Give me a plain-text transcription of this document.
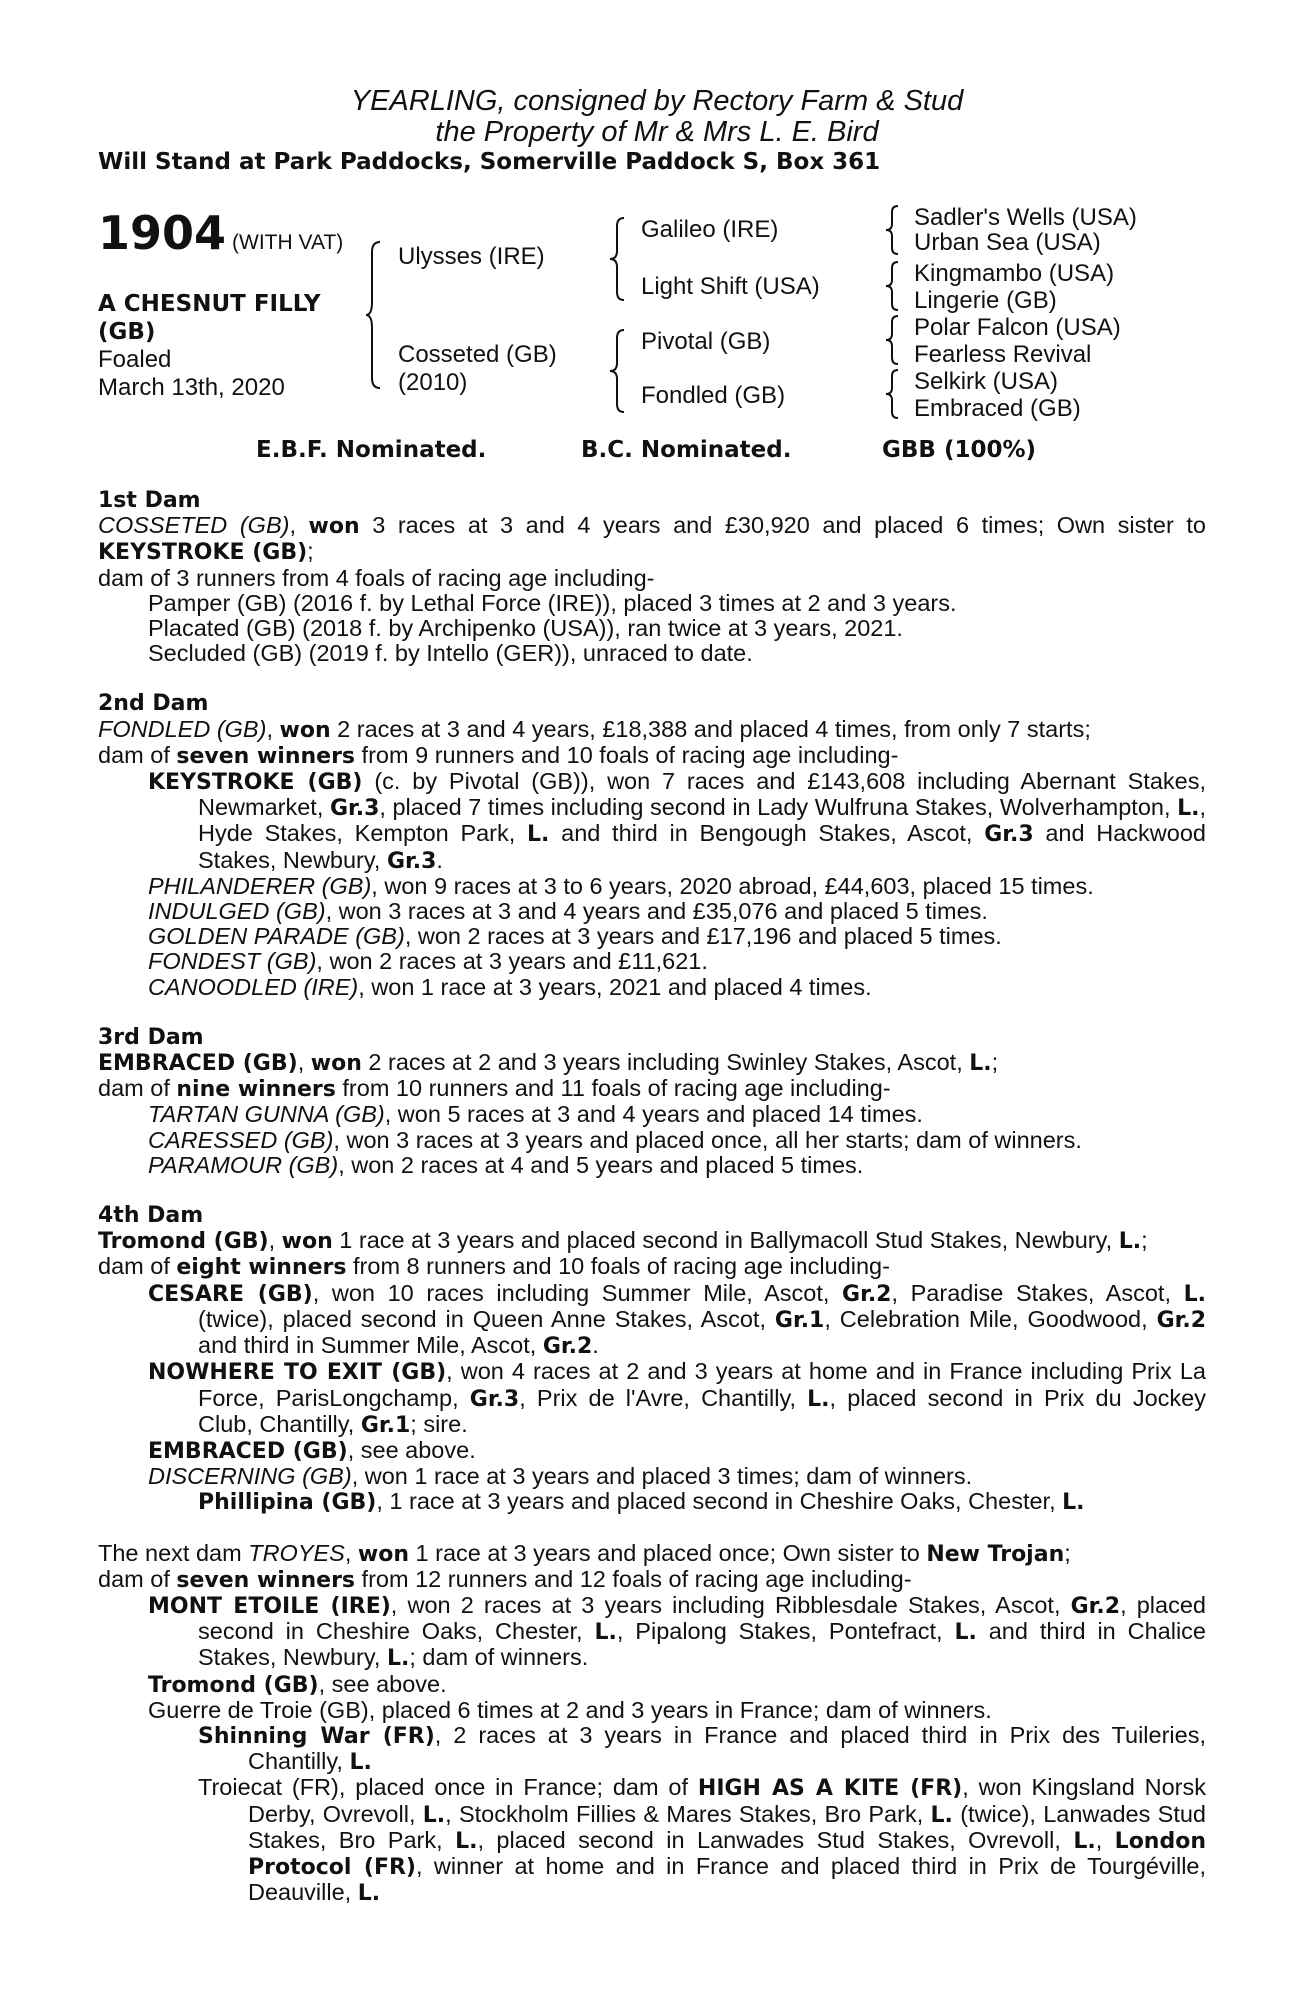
YEARLING, consigned by Rectory Farm & Stud
the Property of Mr & Mrs L. E. Bird
Will Stand at Park Paddocks, Somerville Paddock S, Box 361
1904 (WITH VAT)
A CHESNUT FILLY
(GB)
Foaled
March 13th, 2020
Ulysses (IRE)
Cosseted (GB)
(2010)
Galileo (IRE)
Light Shift (USA)
Pivotal (GB)
Fondled (GB)
Sadler's Wells (USA)
Urban Sea (USA)
Kingmambo (USA)
Lingerie (GB)
Polar Falcon (USA)
Fearless Revival
Selkirk (USA)
Embraced (GB)
E.B.F. Nominated.	B.C. Nominated.	GBB (100%)
1st Dam
COSSETED (GB), won 3 races at 3 and 4 years and £30,920 and placed 6 times; Own sister to KEYSTROKE (GB);
dam of 3 runners from 4 foals of racing age including-
Pamper (GB) (2016 f. by Lethal Force (IRE)), placed 3 times at 2 and 3 years.
Placated (GB) (2018 f. by Archipenko (USA)), ran twice at 3 years, 2021.
Secluded (GB) (2019 f. by Intello (GER)), unraced to date.
2nd Dam
FONDLED (GB), won 2 races at 3 and 4 years, £18,388 and placed 4 times, from only 7 starts;
dam of seven winners from 9 runners and 10 foals of racing age including-
KEYSTROKE (GB) (c. by Pivotal (GB)), won 7 races and £143,608 including Abernant Stakes, Newmarket, Gr.3, placed 7 times including second in Lady Wulfruna Stakes, Wolverhampton, L., Hyde Stakes, Kempton Park, L. and third in Bengough Stakes, Ascot, Gr.3 and Hackwood Stakes, Newbury, Gr.3.
PHILANDERER (GB), won 9 races at 3 to 6 years, 2020 abroad, £44,603, placed 15 times.
INDULGED (GB), won 3 races at 3 and 4 years and £35,076 and placed 5 times.
GOLDEN PARADE (GB), won 2 races at 3 years and £17,196 and placed 5 times.
FONDEST (GB), won 2 races at 3 years and £11,621.
CANOODLED (IRE), won 1 race at 3 years, 2021 and placed 4 times.
3rd Dam
EMBRACED (GB), won 2 races at 2 and 3 years including Swinley Stakes, Ascot, L.;
dam of nine winners from 10 runners and 11 foals of racing age including-
TARTAN GUNNA (GB), won 5 races at 3 and 4 years and placed 14 times.
CARESSED (GB), won 3 races at 3 years and placed once, all her starts; dam of winners.
PARAMOUR (GB), won 2 races at 4 and 5 years and placed 5 times.
4th Dam
Tromond (GB), won 1 race at 3 years and placed second in Ballymacoll Stud Stakes, Newbury, L.;
dam of eight winners from 8 runners and 10 foals of racing age including-
CESARE (GB), won 10 races including Summer Mile, Ascot, Gr.2, Paradise Stakes, Ascot, L. (twice), placed second in Queen Anne Stakes, Ascot, Gr.1, Celebration Mile, Goodwood, Gr.2 and third in Summer Mile, Ascot, Gr.2.
NOWHERE TO EXIT (GB), won 4 races at 2 and 3 years at home and in France including Prix La Force, ParisLongchamp, Gr.3, Prix de l'Avre, Chantilly, L., placed second in Prix du Jockey Club, Chantilly, Gr.1; sire.
EMBRACED (GB), see above.
DISCERNING (GB), won 1 race at 3 years and placed 3 times; dam of winners.
Phillipina (GB), 1 race at 3 years and placed second in Cheshire Oaks, Chester, L.
The next dam TROYES, won 1 race at 3 years and placed once; Own sister to New Trojan;
dam of seven winners from 12 runners and 12 foals of racing age including-
MONT ETOILE (IRE), won 2 races at 3 years including Ribblesdale Stakes, Ascot, Gr.2, placed second in Cheshire Oaks, Chester, L., Pipalong Stakes, Pontefract, L. and third in Chalice Stakes, Newbury, L.; dam of winners.
Tromond (GB), see above.
Guerre de Troie (GB), placed 6 times at 2 and 3 years in France; dam of winners.
Shinning War (FR), 2 races at 3 years in France and placed third in Prix des Tuileries, Chantilly, L.
Troiecat (FR), placed once in France; dam of HIGH AS A KITE (FR), won Kingsland Norsk Derby, Ovrevoll, L., Stockholm Fillies & Mares Stakes, Bro Park, L. (twice), Lanwades Stud Stakes, Bro Park, L., placed second in Lanwades Stud Stakes, Ovrevoll, L., London Protocol (FR), winner at home and in France and placed third in Prix de Tourgéville, Deauville, L.
